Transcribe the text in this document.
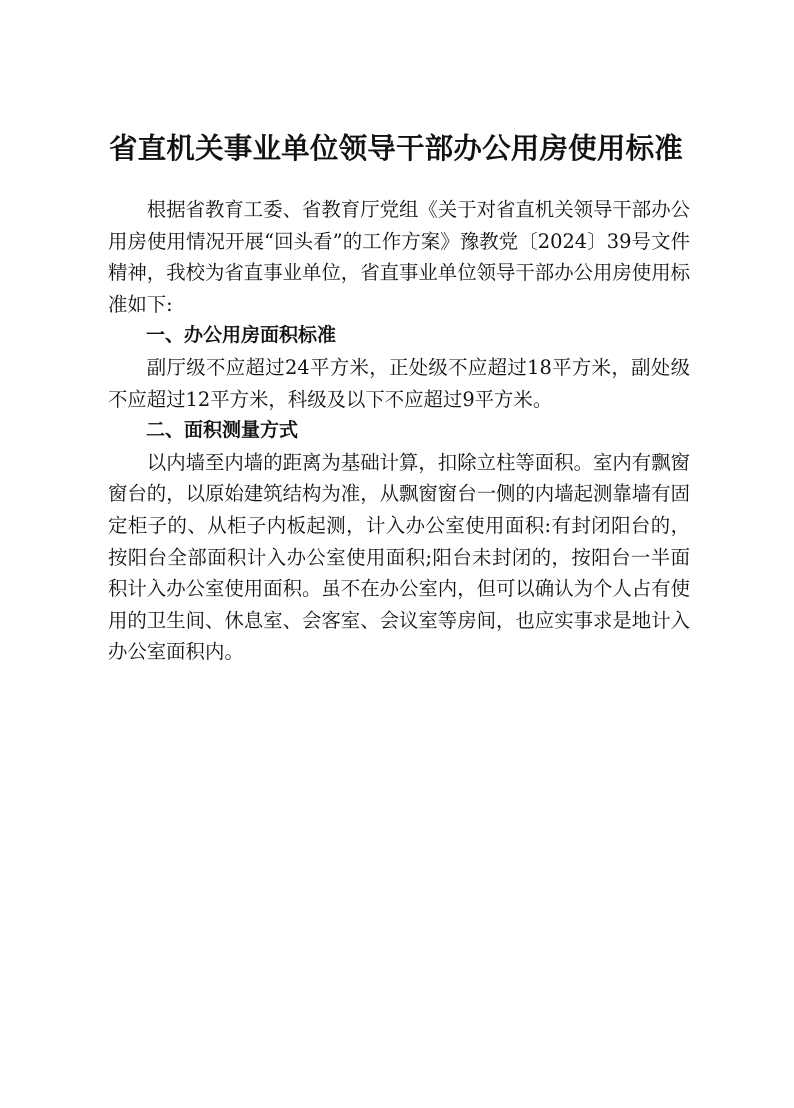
省直机关事业单位领导干部办公用房使用标准

根据省教育工委、省教育厅党组《关于对省直机关领导干部办公用房使用情况开展“回头看”的工作方案》豫教党〔2024〕39号文件精神，我校为省直事业单位，省直事业单位领导干部办公用房使用标准如下:

一、办公用房面积标准

副厅级不应超过24平方米，正处级不应超过18平方米，副处级不应超过12平方米，科级及以下不应超过9平方米。

二、面积测量方式

以内墙至内墙的距离为基础计算，扣除立柱等面积。室内有飘窗窗台的，以原始建筑结构为准，从飘窗窗台一侧的内墙起测靠墙有固定柜子的、从柜子内板起测，计入办公室使用面积:有封闭阳台的，按阳台全部面积计入办公室使用面积;阳台未封闭的，按阳台一半面积计入办公室使用面积。虽不在办公室内，但可以确认为个人占有使用的卫生间、休息室、会客室、会议室等房间，也应实事求是地计入办公室面积内。
